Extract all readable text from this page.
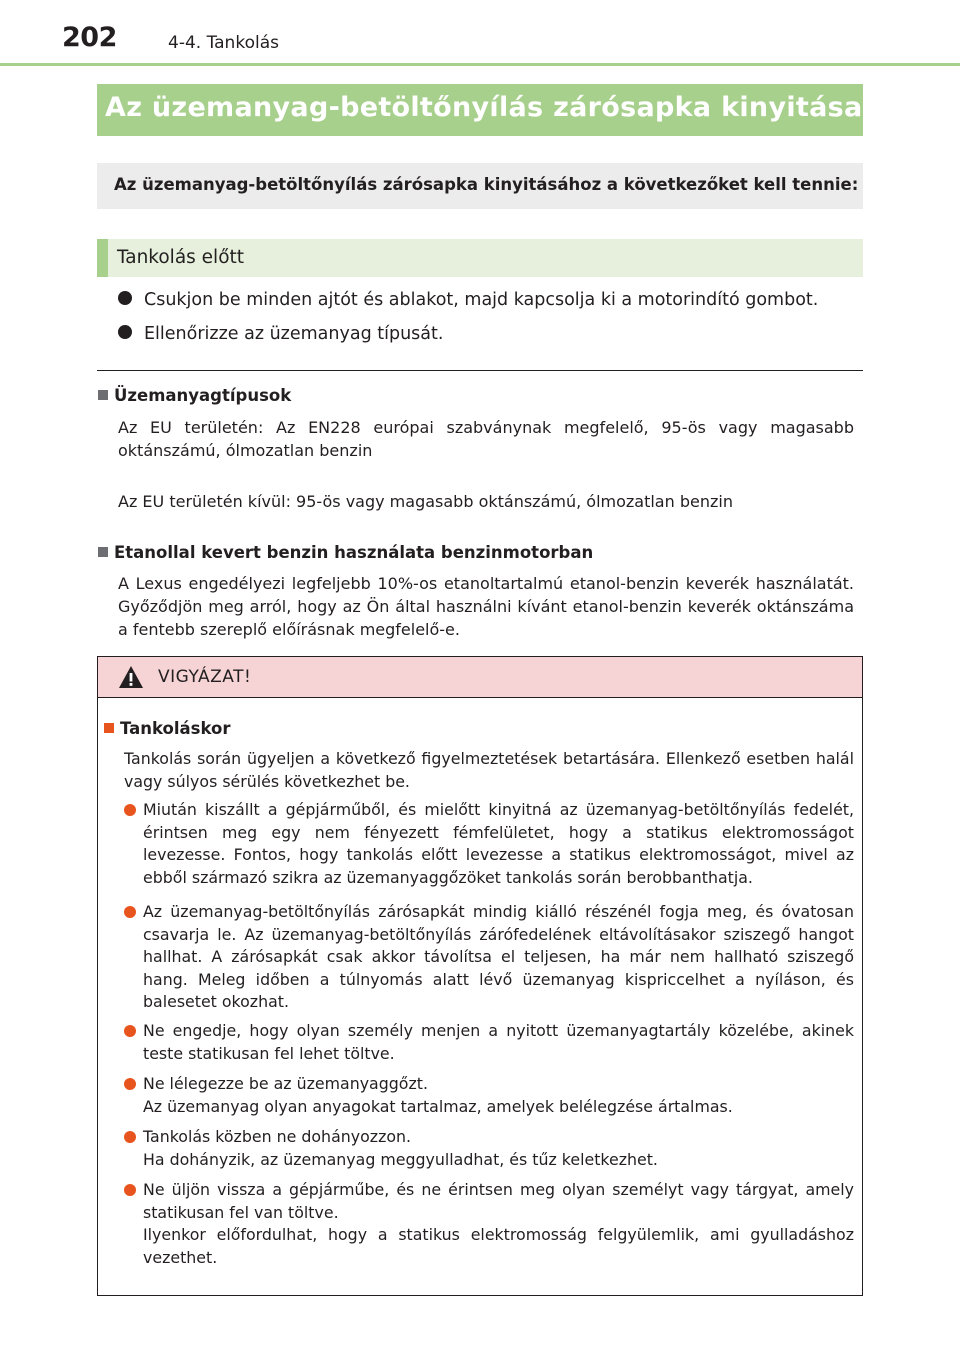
202	4-4. Tankolás
Az üzemanyag-betöltőnyílás zárósapka kinyitása
Az üzemanyag-betöltőnyílás zárósapka kinyitásához a következőket kell tennie:
Tankolás előtt
Csukjon be minden ajtót és ablakot, majd kapcsolja ki a motorindító gombot.
Ellenőrizze az üzemanyag típusát.
Üzemanyagtípusok
Az EU területén: Az EN228 európai szabványnak megfelelő, 95-ös vagy magasabb oktánszámú, ólmozatlan benzin
Az EU területén kívül: 95-ös vagy magasabb oktánszámú, ólmozatlan benzin
Etanollal kevert benzin használata benzinmotorban
A Lexus engedélyezi legfeljebb 10%-os etanoltartalmú etanol-benzin keverék használatát. Győződjön meg arról, hogy az Ön által használni kívánt etanol-benzin keverék oktánszáma a fentebb szereplő előírásnak megfelelő-e.
VIGYÁZAT!
Tankoláskor
Tankolás során ügyeljen a következő figyelmeztetések betartására. Ellenkező esetben halál vagy súlyos sérülés következhet be.
Miután kiszállt a gépjárműből, és mielőtt kinyitná az üzemanyag-betöltőnyílás fedelét, érintsen meg egy nem fényezett fémfelületet, hogy a statikus elektromosságot levezesse. Fontos, hogy tankolás előtt levezesse a statikus elektromosságot, mivel az ebből származó szikra az üzemanyaggőzöket tankolás során berobbanthatja.
Az üzemanyag-betöltőnyílás zárósapkát mindig kiálló részénél fogja meg, és óvatosan csavarja le. Az üzemanyag-betöltőnyílás zárófedelének eltávolításakor sziszegő hangot hallhat. A zárósapkát csak akkor távolítsa el teljesen, ha már nem hallható sziszegő hang. Meleg időben a túlnyomás alatt lévő üzemanyag kispriccelhet a nyíláson, és balesetet okozhat.
Ne engedje, hogy olyan személy menjen a nyitott üzemanyagtartály közelébe, akinek teste statikusan fel lehet töltve.
Ne lélegezze be az üzemanyaggőzt.
Az üzemanyag olyan anyagokat tartalmaz, amelyek belélegzése ártalmas.
Tankolás közben ne dohányozzon.
Ha dohányzik, az üzemanyag meggyulladhat, és tűz keletkezhet.
Ne üljön vissza a gépjárműbe, és ne érintsen meg olyan személyt vagy tárgyat, amely statikusan fel van töltve.
Ilyenkor előfordulhat, hogy a statikus elektromosság felgyülemlik, ami gyulladáshoz vezethet.
